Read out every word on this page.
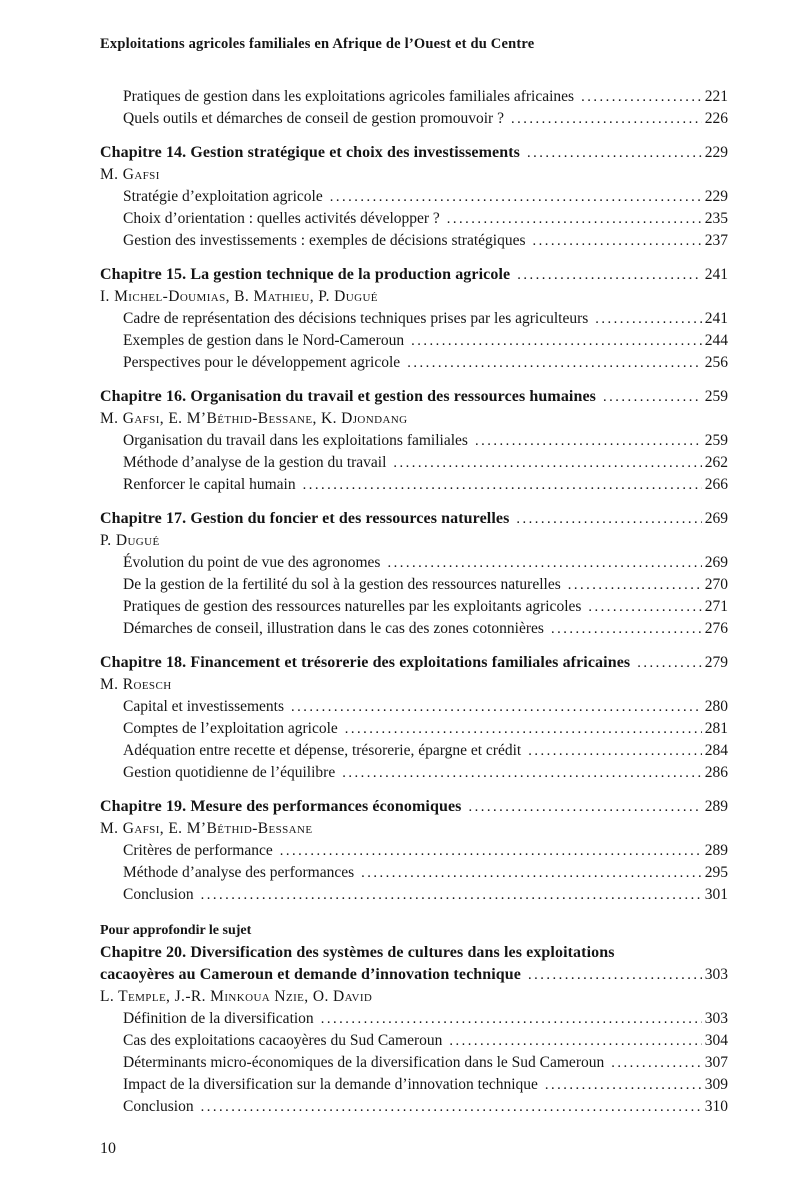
Exploitations agricoles familiales en Afrique de l’Ouest et du Centre
Pratiques de gestion dans les exploitations agricoles familiales africaines .....	221
Quels outils et démarches de conseil de gestion promouvoir ? .....	226
Chapitre 14. Gestion stratégique et choix des investissements .....	229
M. Gafsi
Stratégie d’exploitation agricole .....	229
Choix d’orientation : quelles activités développer ? .....	235
Gestion des investissements : exemples de décisions stratégiques .....	237
Chapitre 15. La gestion technique de la production agricole .....	241
I. Michel-Doumias, B. Mathieu, P. Dugué
Cadre de représentation des décisions techniques prises par les agriculteurs .....	241
Exemples de gestion dans le Nord-Cameroun .....	244
Perspectives pour le développement agricole .....	256
Chapitre 16. Organisation du travail et gestion des ressources humaines .....	259
M. Gafsi, E. M’Béthid-Bessane, K. Djondang
Organisation du travail dans les exploitations familiales .....	259
Méthode d’analyse de la gestion du travail .....	262
Renforcer le capital humain .....	266
Chapitre 17. Gestion du foncier et des ressources naturelles .....	269
P. Dugué
Évolution du point de vue des agronomes .....	269
De la gestion de la fertilité du sol à la gestion des ressources naturelles .....	270
Pratiques de gestion des ressources naturelles par les exploitants agricoles .....	271
Démarches de conseil, illustration dans le cas des zones cotonnières .....	276
Chapitre 18. Financement et trésorerie des exploitations familiales africaines .....	279
M. Roesch
Capital et investissements .....	280
Comptes de l’exploitation agricole .....	281
Adéquation entre recette et dépense, trésorerie, épargne et crédit .....	284
Gestion quotidienne de l’équilibre .....	286
Chapitre 19. Mesure des performances économiques .....	289
M. Gafsi, E. M’Béthid-Bessane
Critères de performance .....	289
Méthode d’analyse des performances .....	295
Conclusion .....	301
Pour approfondir le sujet
Chapitre 20. Diversification des systèmes de cultures dans les exploitations
cacaoyères au Cameroun et demande d’innovation technique .....	303
L. Temple, J.-R. Minkoua Nzie, O. David
Définition de la diversification .....	303
Cas des exploitations cacaoyères du Sud Cameroun .....	304
Déterminants micro-économiques de la diversification dans le Sud Cameroun .....	307
Impact de la diversification sur la demande d’innovation technique .....	309
Conclusion .....	310
10
